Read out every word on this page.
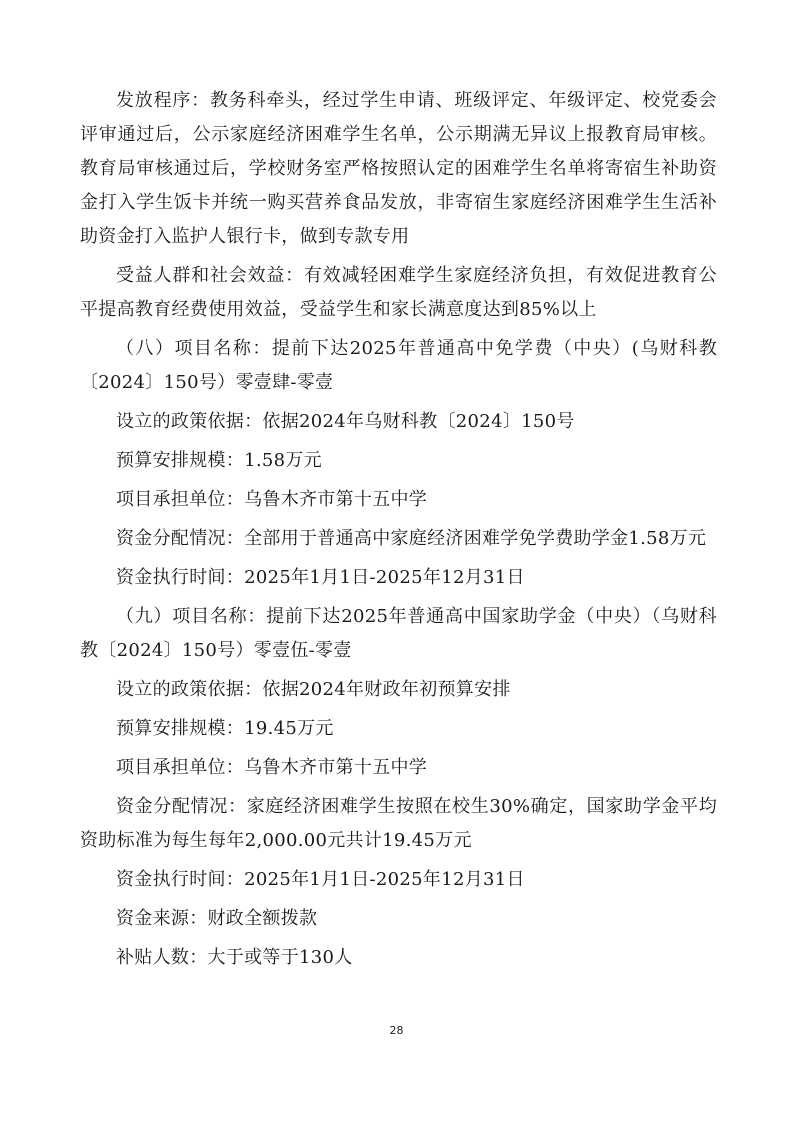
发放程序：教务科牵头，经过学生申请、班级评定、年级评定、校党委会评审通过后，公示家庭经济困难学生名单，公示期满无异议上报教育局审核。教育局审核通过后，学校财务室严格按照认定的困难学生名单将寄宿生补助资金打入学生饭卡并统一购买营养食品发放，非寄宿生家庭经济困难学生生活补助资金打入监护人银行卡，做到专款专用

受益人群和社会效益：有效减轻困难学生家庭经济负担，有效促进教育公平提高教育经费使用效益，受益学生和家长满意度达到85%以上

（八）项目名称：提前下达2025年普通高中免学费（中央）(乌财科教〔2024〕150号）零壹肆-零壹

设立的政策依据：依据2024年乌财科教〔2024〕150号

预算安排规模：1.58万元

项目承担单位：乌鲁木齐市第十五中学

资金分配情况：全部用于普通高中家庭经济困难学免学费助学金1.58万元

资金执行时间：2025年1月1日-2025年12月31日

（九）项目名称：提前下达2025年普通高中国家助学金（中央）（乌财科教〔2024〕150号）零壹伍-零壹

设立的政策依据：依据2024年财政年初预算安排

预算安排规模：19.45万元

项目承担单位：乌鲁木齐市第十五中学

资金分配情况：家庭经济困难学生按照在校生30%确定，国家助学金平均资助标准为每生每年2,000.00元共计19.45万元

资金执行时间：2025年1月1日-2025年12月31日

资金来源：财政全额拨款

补贴人数：大于或等于130人

28
